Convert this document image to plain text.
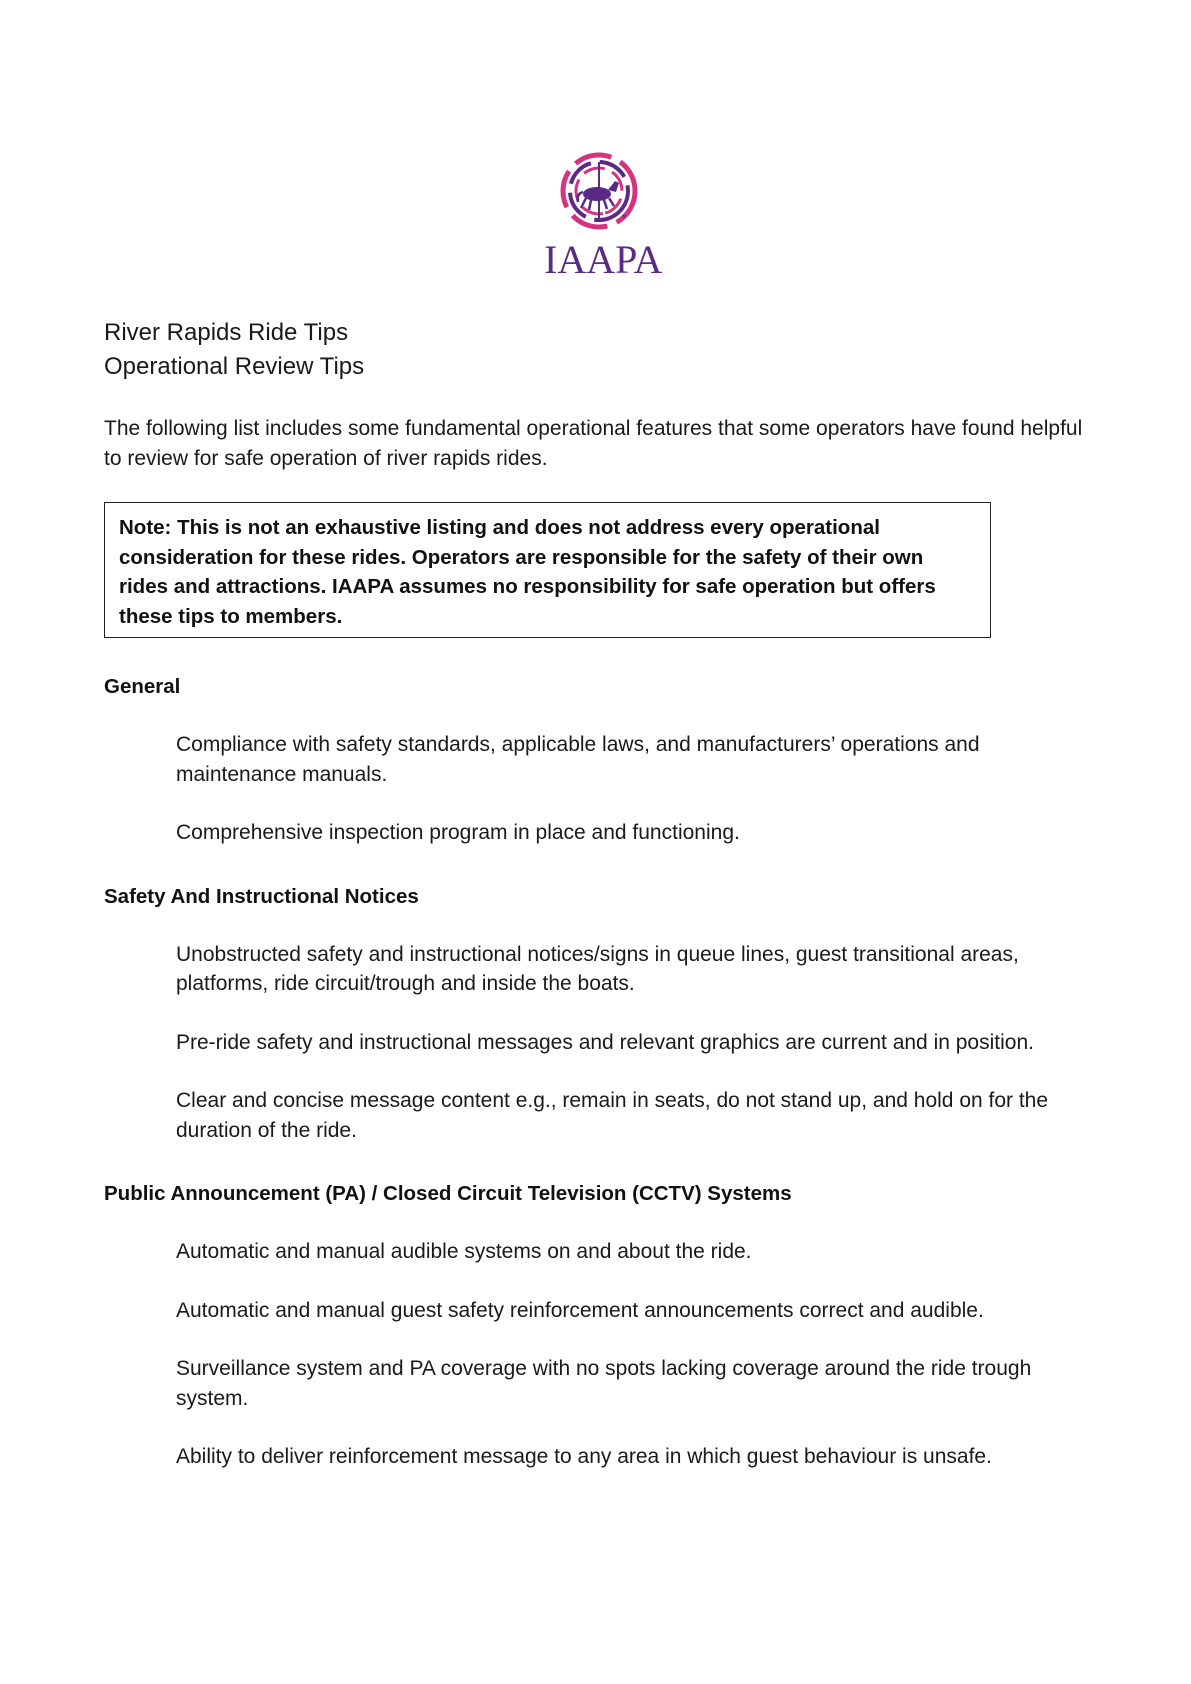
IAAPA
River Rapids Ride Tips
Operational Review Tips
The following list includes some fundamental operational features that some operators have found helpful to review for safe operation of river rapids rides.
Note: This is not an exhaustive listing and does not address every operational consideration for these rides. Operators are responsible for the safety of their own rides and attractions. IAAPA assumes no responsibility for safe operation but offers these tips to members.
General
Compliance with safety standards, applicable laws, and manufacturers’ operations and maintenance manuals.
Comprehensive inspection program in place and functioning.
Safety And Instructional Notices
Unobstructed safety and instructional notices/signs in queue lines, guest transitional areas, platforms, ride circuit/trough and inside the boats.
Pre-ride safety and instructional messages and relevant graphics are current and in position.
Clear and concise message content e.g., remain in seats, do not stand up, and hold on for the duration of the ride.
Public Announcement (PA) / Closed Circuit Television (CCTV) Systems
Automatic and manual audible systems on and about the ride.
Automatic and manual guest safety reinforcement announcements correct and audible.
Surveillance system and PA coverage with no spots lacking coverage around the ride trough system.
Ability to deliver reinforcement message to any area in which guest behaviour is unsafe.
